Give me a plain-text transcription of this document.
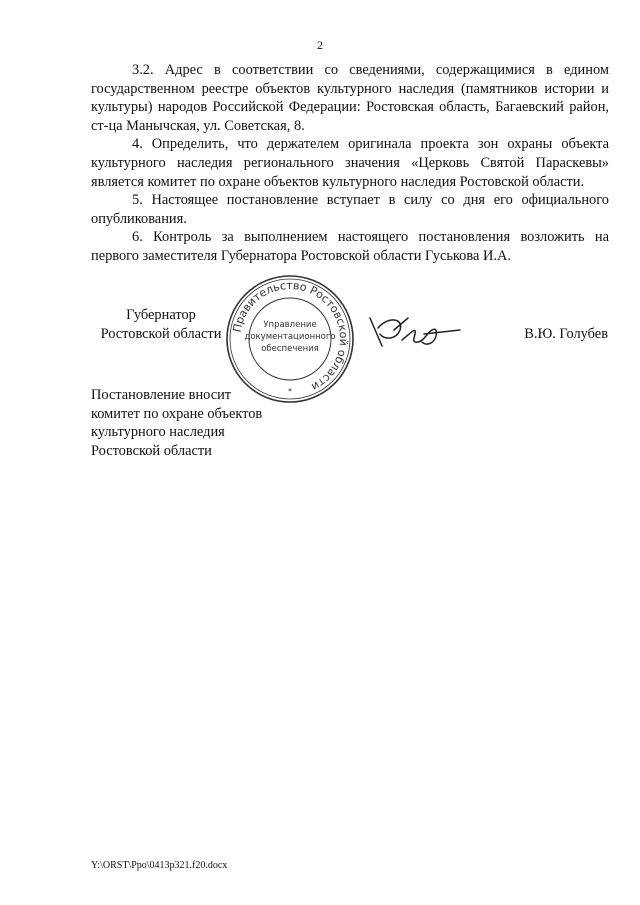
2

3.2. Адрес в соответствии со сведениями, содержащимися в едином государственном реестре объектов культурного наследия (памятников истории и культуры) народов Российской Федерации: Ростовская область, Багаевский район, ст-ца Манычская, ул. Советская, 8.

4. Определить, что держателем оригинала проекта зон охраны объекта культурного наследия регионального значения «Церковь Святой Параскевы» является комитет по охране объектов культурного наследия Ростовской области.

5. Настоящее постановление вступает в силу со дня его официального опубликования.

6. Контроль за выполнением настоящего постановления возложить на первого заместителя Губернатора Ростовской области Гуськова И.А.

Губернатор
Ростовской области Правительство Ростовской области
Управление
документационного
обеспечения
*
В.Ю. Голубев
Постановление вносит
комитет по охране объектов
культурного наследия
Ростовской области
Y:\ORST\Ppo\0413p321.f20.docx
